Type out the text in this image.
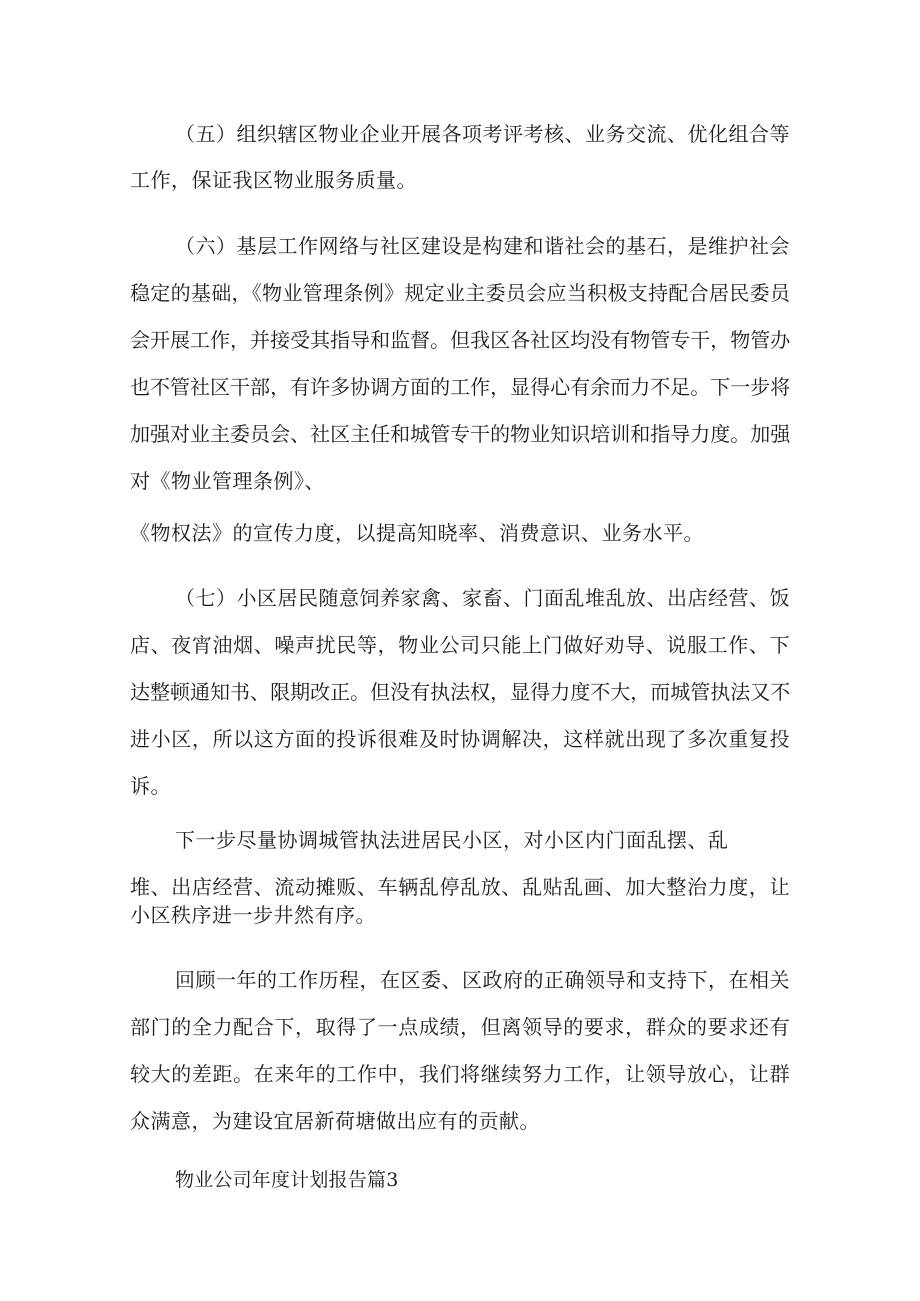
（五）组织辖区物业企业开展各项考评考核、业务交流、优化组合等
工作，保证我区物业服务质量。
（六）基层工作网络与社区建设是构建和谐社会的基石，是维护社会
稳定的基础，《物业管理条例》规定业主委员会应当积极支持配合居民委员
会开展工作，并接受其指导和监督。但我区各社区均没有物管专干，物管办
也不管社区干部，有许多协调方面的工作，显得心有余而力不足。下一步将
加强对业主委员会、社区主任和城管专干的物业知识培训和指导力度。加强
对《物业管理条例》、
《物权法》的宣传力度，以提高知晓率、消费意识、业务水平。
（七）小区居民随意饲养家禽、家畜、门面乱堆乱放、出店经营、饭
店、夜宵油烟、噪声扰民等，物业公司只能上门做好劝导、说服工作、下
达整顿通知书、限期改正。但没有执法权，显得力度不大，而城管执法又不
进小区，所以这方面的投诉很难及时协调解决，这样就出现了多次重复投
诉。
下一步尽量协调城管执法进居民小区，对小区内门面乱摆、乱
堆、出店经营、流动摊贩、车辆乱停乱放、乱贴乱画、加大整治力度，让
小区秩序进一步井然有序。
回顾一年的工作历程，在区委、区政府的正确领导和支持下，在相关
部门的全力配合下，取得了一点成绩，但离领导的要求，群众的要求还有
较大的差距。在来年的工作中，我们将继续努力工作，让领导放心，让群
众满意，为建设宜居新荷塘做出应有的贡献。
物业公司年度计划报告篇3
